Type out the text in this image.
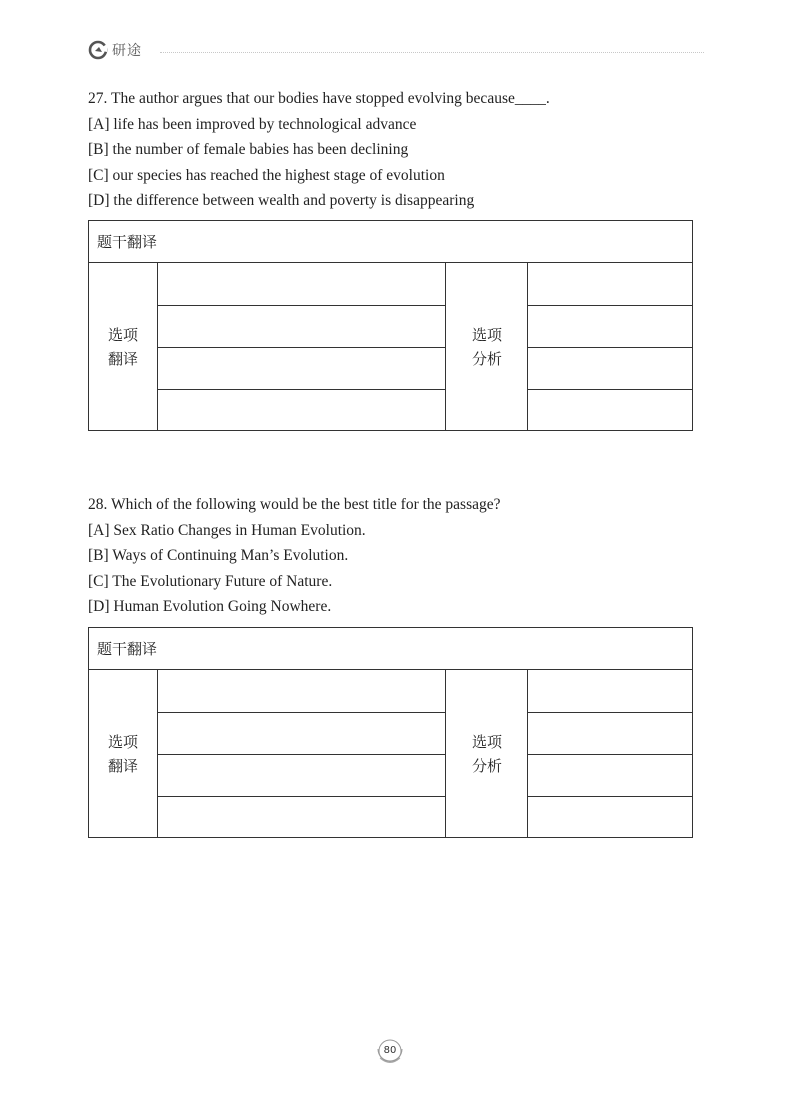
研途
27. The author argues that our bodies have stopped evolving because____.
[A] life has been improved by technological advance
[B] the number of female babies has been declining
[C] our species has reached the highest stage of evolution
[D] the difference between wealth and poverty is disappearing
题干翻译
选项
翻译
选项
分析
28. Which of the following would be the best title for the passage?
[A] Sex Ratio Changes in Human Evolution.
[B] Ways of Continuing Man’s Evolution.
[C] The Evolutionary Future of Nature.
[D] Human Evolution Going Nowhere.
题干翻译
选项
翻译
选项
分析
80
